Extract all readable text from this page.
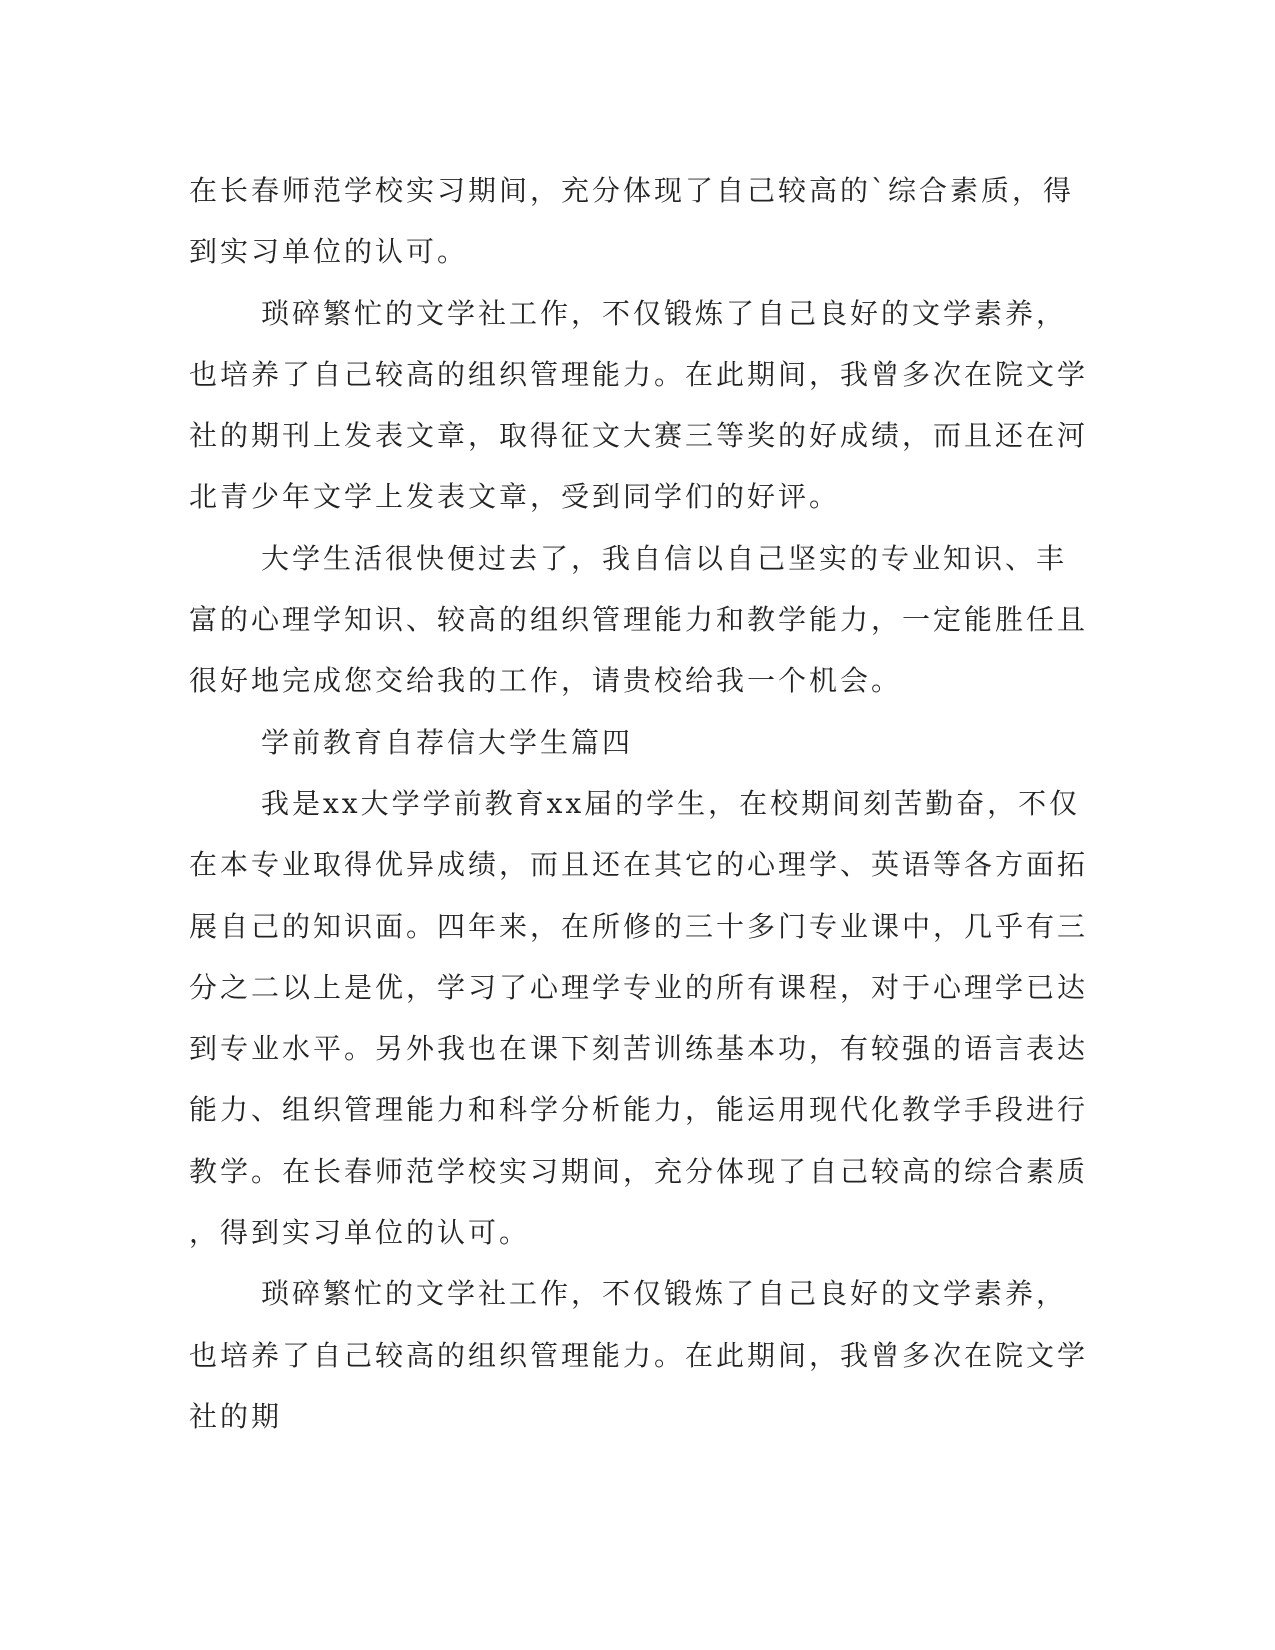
在长春师范学校实习期间，充分体现了自己较高的`综合素质，得到实习单位的认可。

琐碎繁忙的文学社工作，不仅锻炼了自己良好的文学素养，也培养了自己较高的组织管理能力。在此期间，我曾多次在院文学社的期刊上发表文章，取得征文大赛三等奖的好成绩，而且还在河北青少年文学上发表文章，受到同学们的好评。

大学生活很快便过去了，我自信以自己坚实的专业知识、丰富的心理学知识、较高的组织管理能力和教学能力，一定能胜任且很好地完成您交给我的工作，请贵校给我一个机会。

学前教育自荐信大学生篇四

我是xx大学学前教育xx届的学生，在校期间刻苦勤奋，不仅在本专业取得优异成绩，而且还在其它的心理学、英语等各方面拓展自己的知识面。四年来，在所修的三十多门专业课中，几乎有三分之二以上是优，学习了心理学专业的所有课程，对于心理学已达到专业水平。另外我也在课下刻苦训练基本功，有较强的语言表达能力、组织管理能力和科学分析能力，能运用现代化教学手段进行教学。在长春师范学校实习期间，充分体现了自己较高的综合素质，得到实习单位的认可。

琐碎繁忙的文学社工作，不仅锻炼了自己良好的文学素养，也培养了自己较高的组织管理能力。在此期间，我曾多次在院文学社的期
